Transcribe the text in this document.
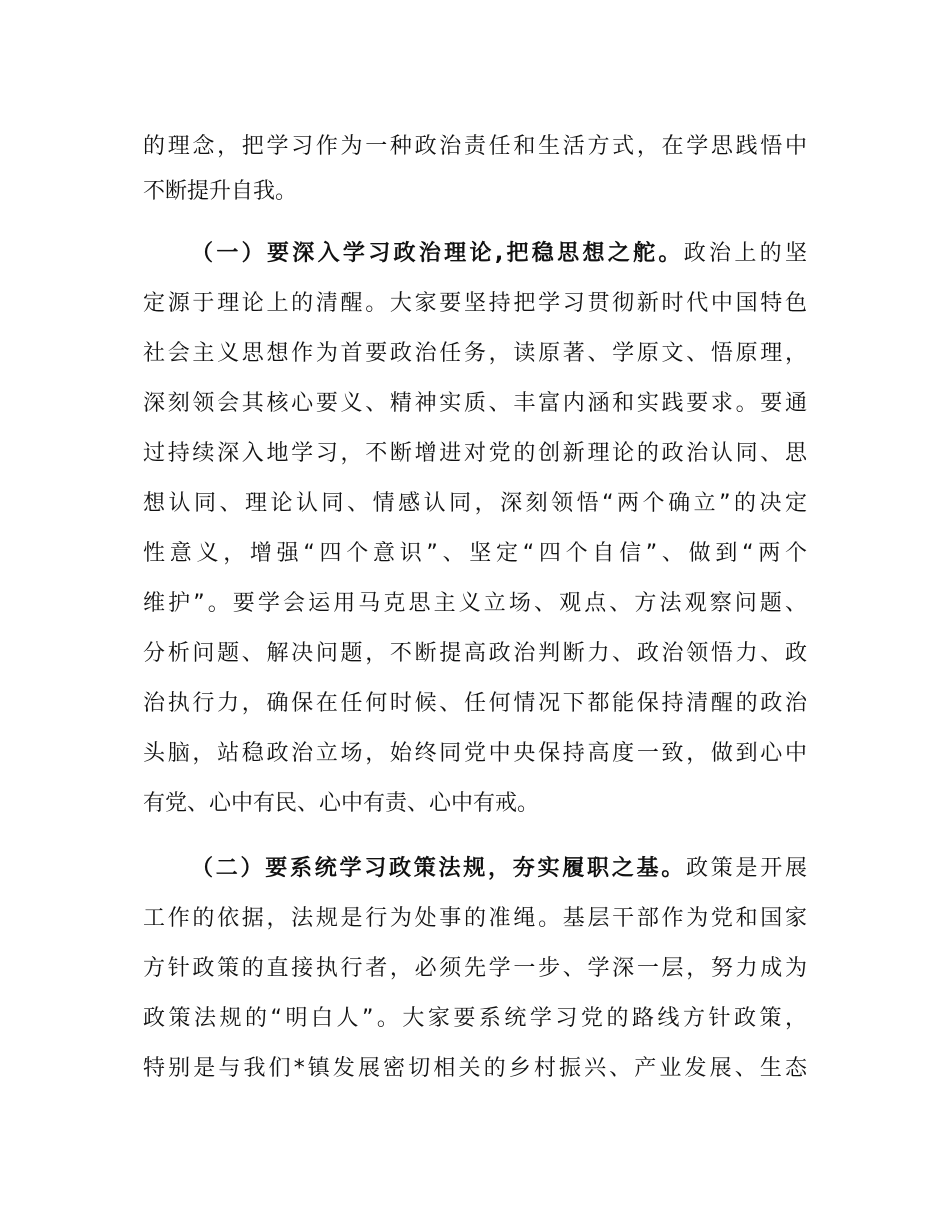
的理念，把学习作为一种政治责任和生活方式，在学思践悟中
不断提升自我。
（一）要深入学习政治理论,把稳思想之舵。政治上的坚
定源于理论上的清醒。大家要坚持把学习贯彻新时代中国特色
社会主义思想作为首要政治任务，读原著、学原文、悟原理，
深刻领会其核心要义、精神实质、丰富内涵和实践要求。要通
过持续深入地学习，不断增进对党的创新理论的政治认同、思
想认同、理论认同、情感认同，深刻领悟“两个确立”的决定
性意义，增强“四个意识”、坚定“四个自信”、做到“两个
维护”。要学会运用马克思主义立场、观点、方法观察问题、
分析问题、解决问题，不断提高政治判断力、政治领悟力、政
治执行力，确保在任何时候、任何情况下都能保持清醒的政治
头脑，站稳政治立场，始终同党中央保持高度一致，做到心中
有党、心中有民、心中有责、心中有戒。
（二）要系统学习政策法规，夯实履职之基。政策是开展
工作的依据，法规是行为处事的准绳。基层干部作为党和国家
方针政策的直接执行者，必须先学一步、学深一层，努力成为
政策法规的“明白人”。大家要系统学习党的路线方针政策，
特别是与我们*镇发展密切相关的乡村振兴、产业发展、生态
